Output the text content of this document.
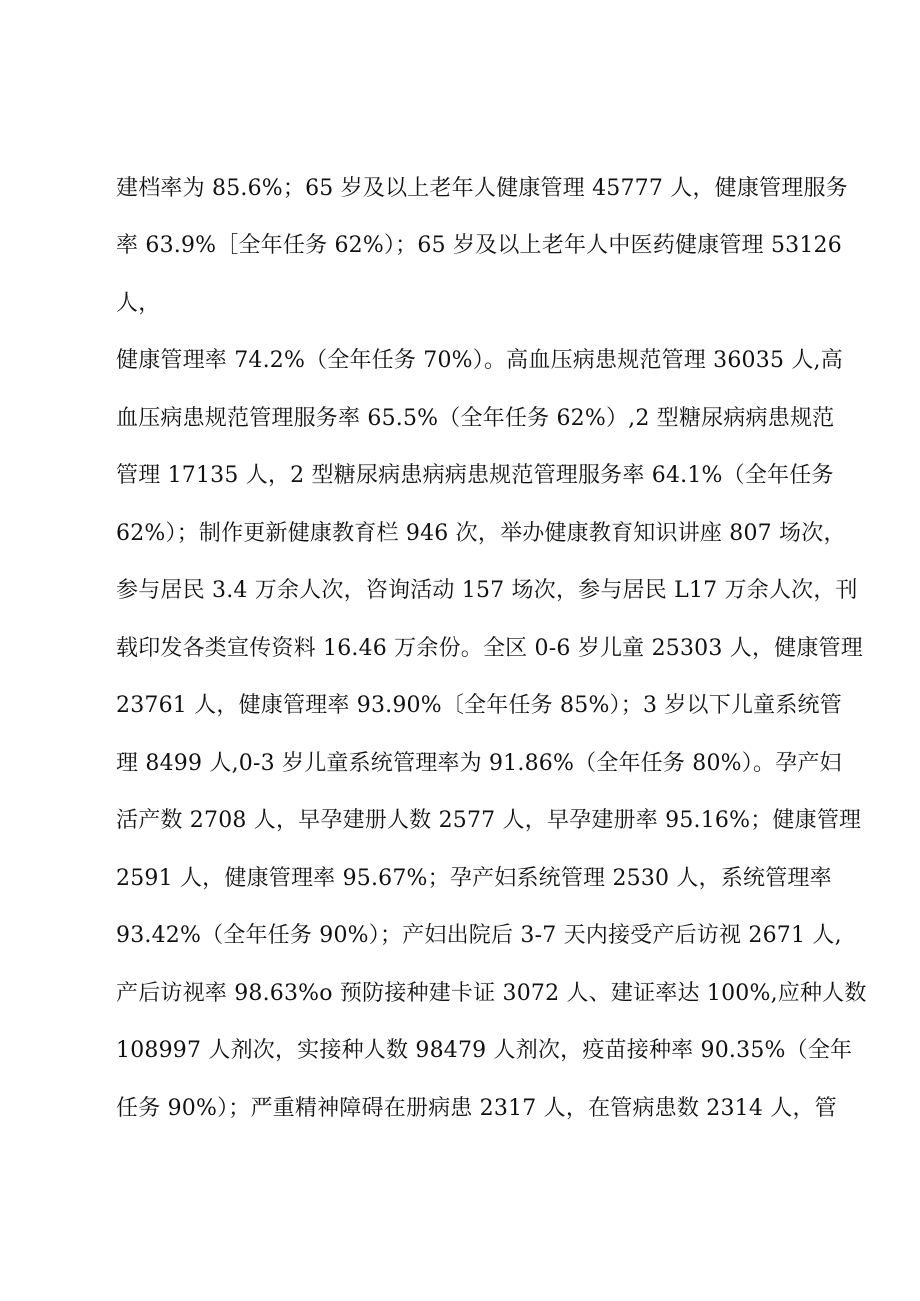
建档率为 85.6%；65 岁及以上老年人健康管理 45777 人，健康管理服务
率 63.9%［全年任务 62%）；65 岁及以上老年人中医药健康管理 53126
人，
健康管理率 74.2%（全年任务 70%）。高血压病患规范管理 36035 人,高
血压病患规范管理服务率 65.5%（全年任务 62%）,2 型糖尿病病患规范
管理 17135 人，2 型糖尿病患病病患规范管理服务率 64.1%（全年任务
62%）；制作更新健康教育栏 946 次，举办健康教育知识讲座 807 场次，
参与居民 3.4 万余人次，咨询活动 157 场次，参与居民 L17 万余人次，刊
载印发各类宣传资料 16.46 万余份。全区 0-6 岁儿童 25303 人，健康管理
23761 人，健康管理率 93.90%〔全年任务 85%）；3 岁以下儿童系统管
理 8499 人,0-3 岁儿童系统管理率为 91.86%（全年任务 80%）。孕产妇
活产数 2708 人，早孕建册人数 2577 人，早孕建册率 95.16%；健康管理
2591 人，健康管理率 95.67%；孕产妇系统管理 2530 人，系统管理率
93.42%（全年任务 90%）；产妇出院后 3-7 天内接受产后访视 2671 人,
产后访视率 98.63%o 预防接种建卡证 3072 人、建证率达 100%,应种人数
108997 人剂次，实接种人数 98479 人剂次，疫苗接种率 90.35%（全年
任务 90%）；严重精神障碍在册病患 2317 人，在管病患数 2314 人，管
